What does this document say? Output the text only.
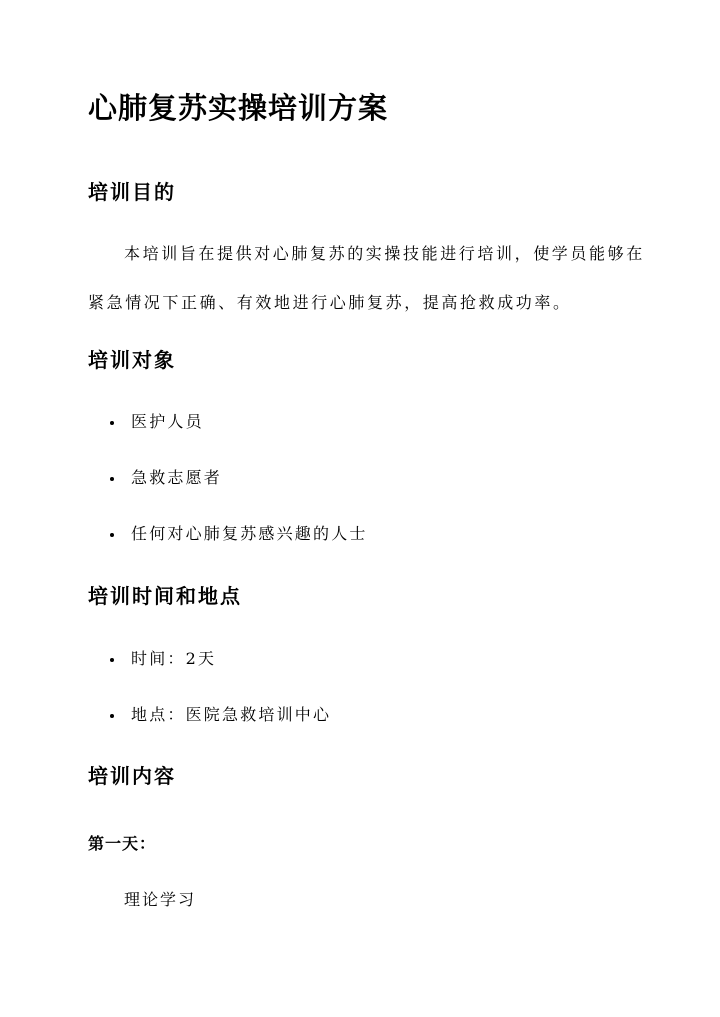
心肺复苏实操培训方案
培训目的
本培训旨在提供对心肺复苏的实操技能进行培训，使学员能够在紧急情况下正确、有效地进行心肺复苏，提高抢救成功率。
培训对象
医护人员
急救志愿者
任何对心肺复苏感兴趣的人士
培训时间和地点
时间：2天
地点：医院急救培训中心
培训内容
第一天：
理论学习
